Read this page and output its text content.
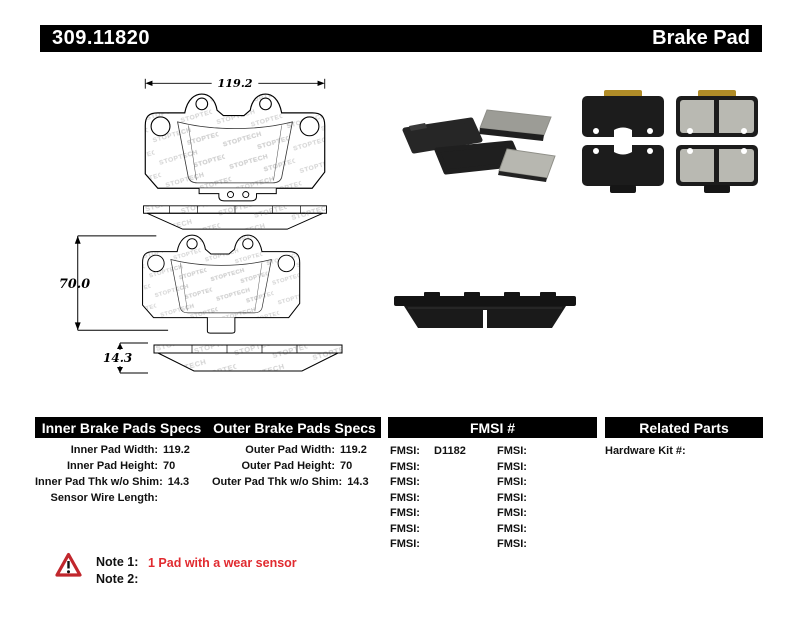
309.11820	Brake Pad
119.2
70.0
14.3
Inner Brake Pads Specs Outer Brake Pads Specs	FMSI #	Related Parts
Inner Pad Width: 119.2
Inner Pad Height: 70
Inner Pad Thk w/o Shim: 14.3
Sensor Wire Length:
Outer Pad Width: 119.2
Outer Pad Height: 70
Outer Pad Thk w/o Shim: 14.3
FMSI:	D1182
FMSI:
FMSI:
FMSI:
FMSI:
FMSI:
FMSI:
FMSI:
FMSI:
FMSI:
FMSI:
FMSI:
FMSI:
FMSI:
Hardware Kit #:
Note 1: 1 Pad with a wear sensor
Note 2:
